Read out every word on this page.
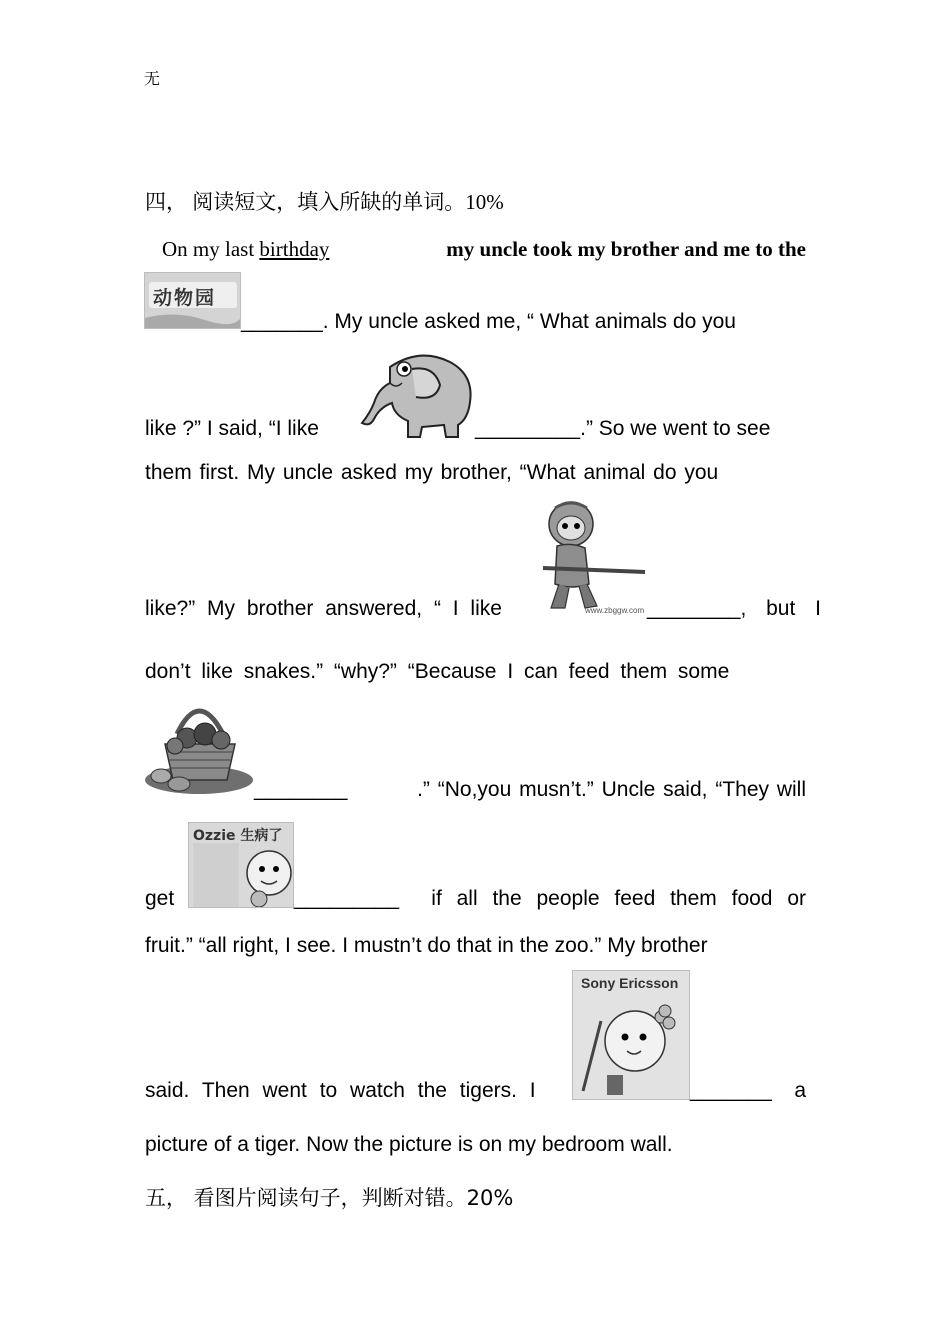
无
四， 阅读短文，填入所缺的单词。10%
On my last birthday	my uncle took my brother and me to the
动物园
_______. My uncle asked me, “ What animals do you
like ?” I said, “I like	_________.” So we went to see
them first. My uncle asked my brother, “What animal do you
www.zbggw.com
like?” My brother answered, “ I like	________, but I
don’t like snakes.” “why?” “Because I can feed them some
________	.” “No,you musn’t.” Uncle said, “They will
Ozzie 生病了
get	_________ if all the people feed them food or
fruit.” “all right, I see. I mustn’t do that in the zoo.” My brother
Sony Ericsson
said. Then went to watch the tigers. I	_______ a
picture of a tiger. Now the picture is on my bedroom wall.
五， 看图片阅读句子，判断对错。20%
